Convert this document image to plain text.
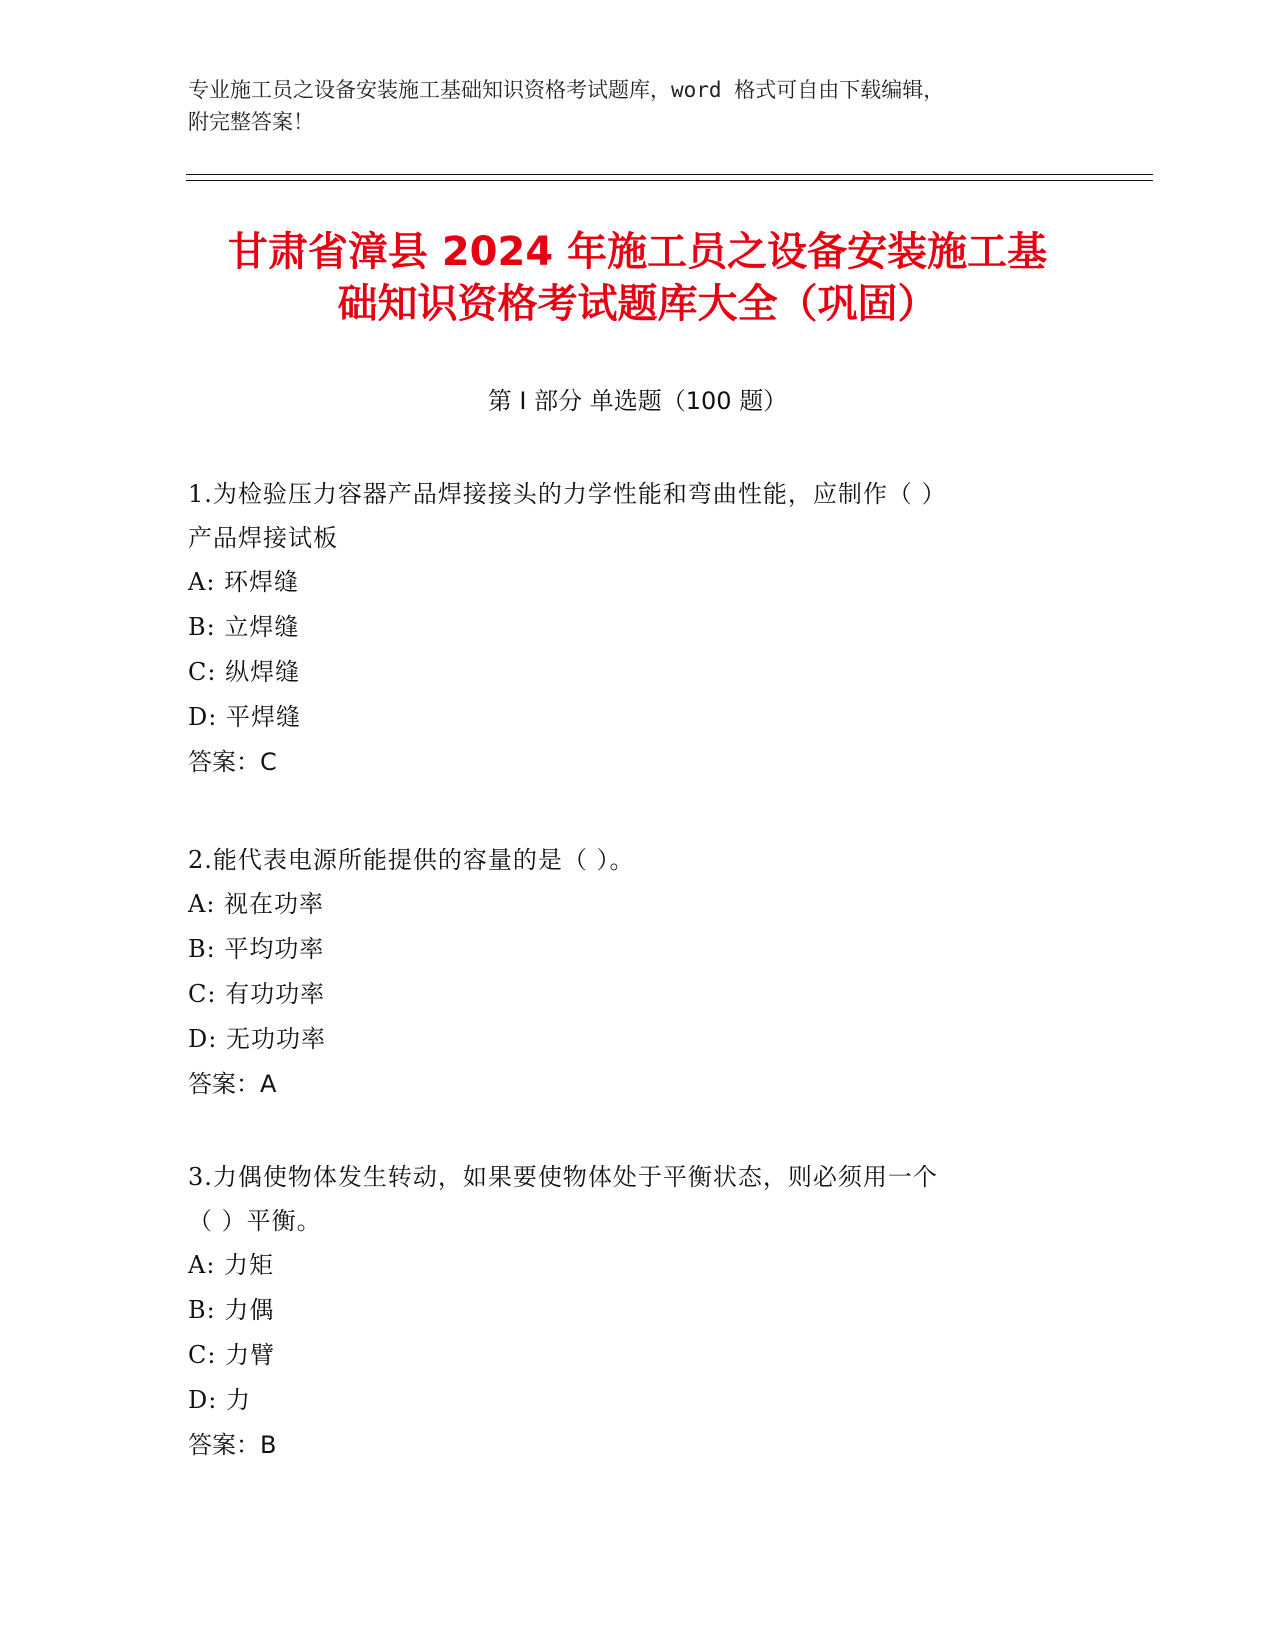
专业施工员之设备安装施工基础知识资格考试题库，word 格式可自由下载编辑，
附完整答案！
甘肃省漳县 2024 年施工员之设备安装施工基
础知识资格考试题库大全（巩固）
第 I 部分 单选题（100 题）

1.为检验压力容器产品焊接接头的力学性能和弯曲性能，应制作（ ）

产品焊接试板

A: 环焊缝

B: 立焊缝

C: 纵焊缝

D: 平焊缝

答案：C

2.能代表电源所能提供的容量的是（ ）。

A: 视在功率

B: 平均功率

C: 有功功率

D: 无功功率

答案：A

3.力偶使物体发生转动，如果要使物体处于平衡状态，则必须用一个

（ ）平衡。

A: 力矩

B: 力偶

C: 力臂

D: 力

答案：B
